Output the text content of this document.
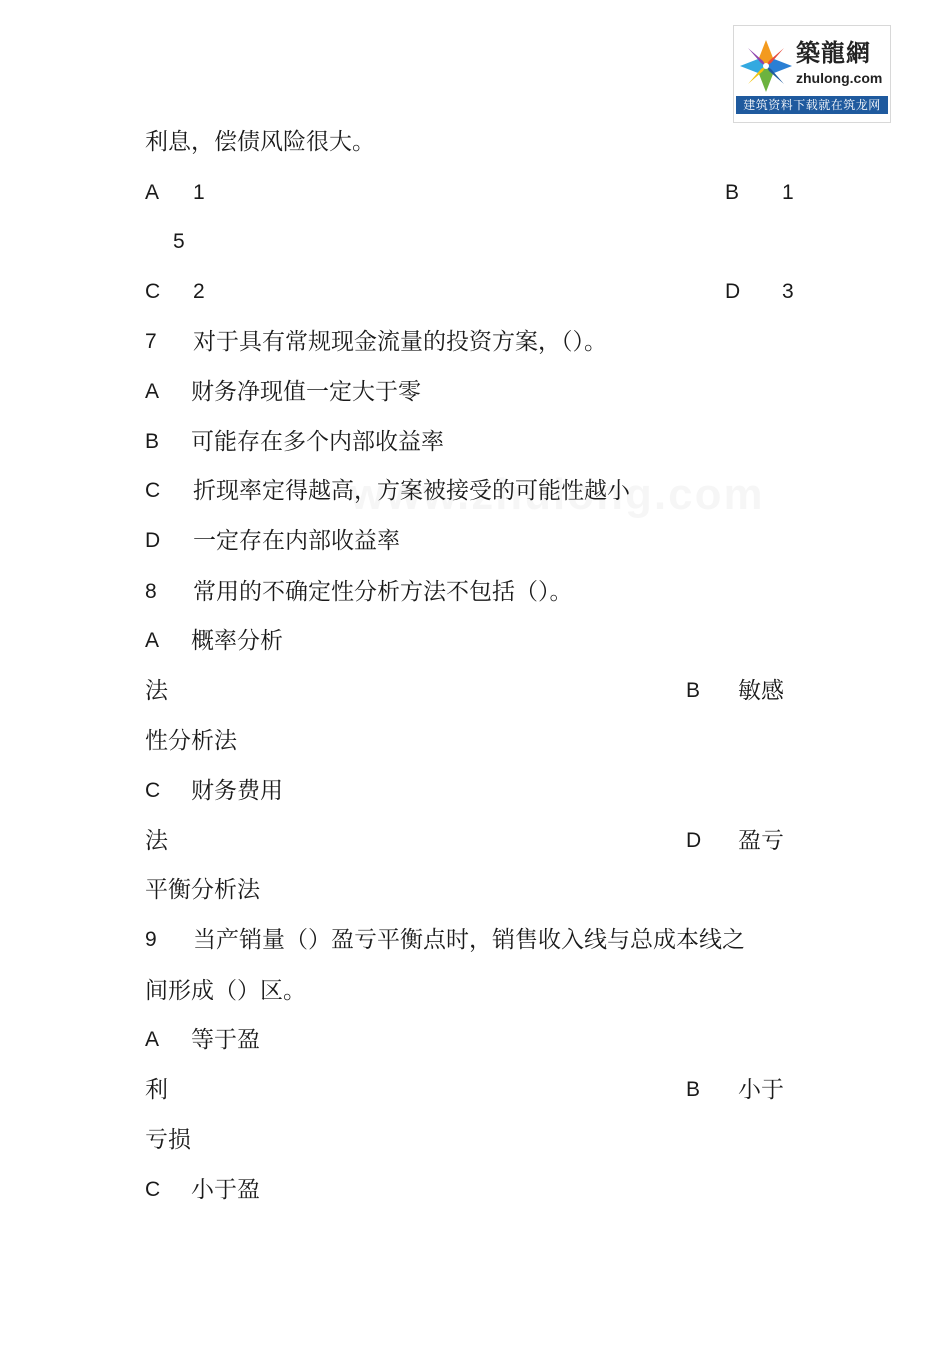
築龍網
zhulong.com
建筑资料下载就在筑龙网
利息，偿债风险很大。
A 1	B 1
5
C 2	D 3
7 对于具有常规现金流量的投资方案，（）。
A 财务净现值一定大于零
B 可能存在多个内部收益率
C 折现率定得越高，方案被接受的可能性越小
D 一定存在内部收益率
8 常用的不确定性分析方法不包括（）。
A 概率分析
法	B 敏感
性分析法
C 财务费用
法	D 盈亏
平衡分析法
9 当产销量（）盈亏平衡点时，销售收入线与总成本线之
间形成（）区。
A 等于盈
利	B 小于
亏损
C 小于盈
